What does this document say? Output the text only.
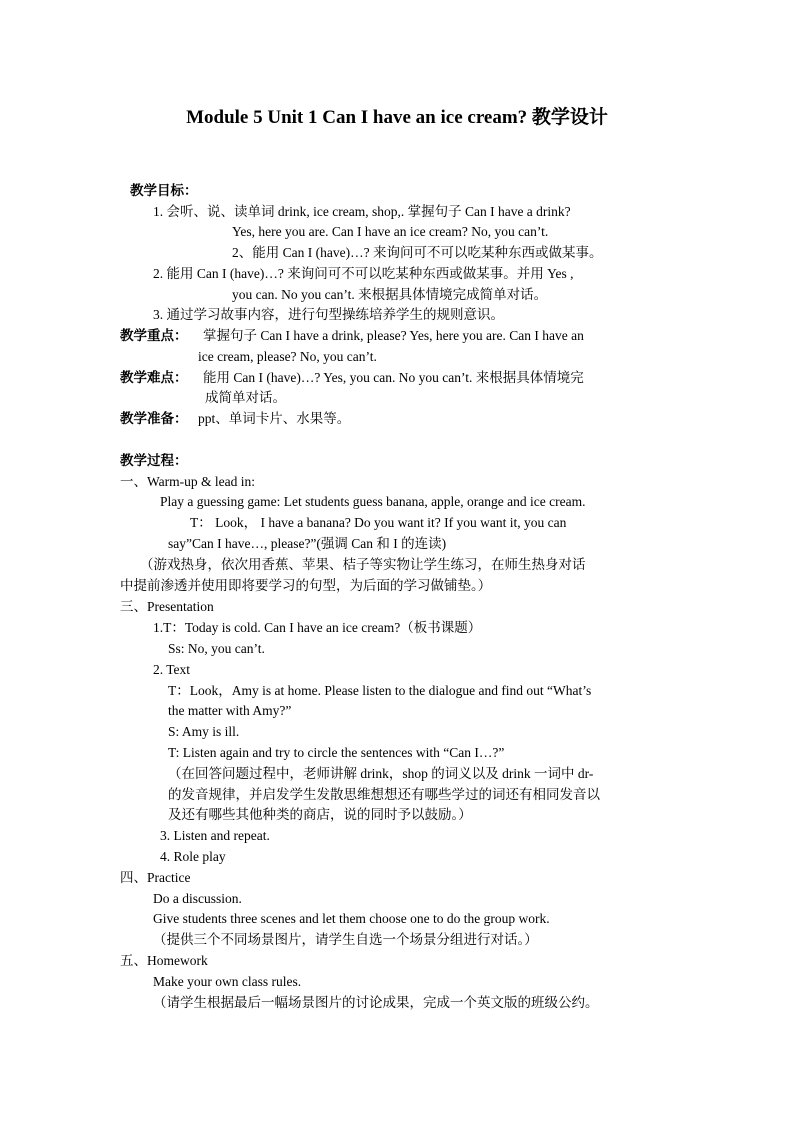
Module 5 Unit 1 Can I have an ice cream? 教学设计
教学目标：
1. 会听、说、读单词 drink, ice cream, shop,. 掌握句子 Can I have a drink?
Yes, here you are. Can I have an ice cream? No, you can’t.
2、能用 Can I (have)…? 来询问可不可以吃某种东西或做某事。
2. 能用 Can I (have)…? 来询问可不可以吃某种东西或做某事。并用 Yes ,
you can. No you can’t. 来根据具体情境完成简单对话。
3. 通过学习故事内容，进行句型操练培养学生的规则意识。
教学重点： 掌握句子 Can I have a drink, please? Yes, here you are. Can I have an
ice cream, please? No, you can’t.
教学难点： 能用 Can I (have)…? Yes, you can. No you can’t. 来根据具体情境完
成简单对话。
教学准备： ppt、单词卡片、水果等。
教学过程：
一、Warm-up & lead in:
Play a guessing game: Let students guess banana, apple, orange and ice cream.
T： Look， I have a banana? Do you want it? If you want it, you can
say”Can I have…, please?”(强调 Can 和 I 的连读)
（游戏热身，依次用香蕉、苹果、桔子等实物让学生练习，在师生热身对话
中提前渗透并使用即将要学习的句型，为后面的学习做铺垫。）
三、Presentation
1.T：Today is cold. Can I have an ice cream?（板书课题）
Ss: No, you can’t.
2. Text
T：Look，Amy is at home. Please listen to the dialogue and find out “What’s
the matter with Amy?”
S: Amy is ill.
T: Listen again and try to circle the sentences with “Can I…?”
（在回答问题过程中，老师讲解 drink，shop 的词义以及 drink 一词中 dr-
的发音规律，并启发学生发散思维想想还有哪些学过的词还有相同发音以
及还有哪些其他种类的商店，说的同时予以鼓励。）
3. Listen and repeat.
4. Role play
四、Practice
Do a discussion.
Give students three scenes and let them choose one to do the group work.
（提供三个不同场景图片，请学生自选一个场景分组进行对话。）
五、Homework
Make your own class rules.
（请学生根据最后一幅场景图片的讨论成果，完成一个英文版的班级公约。
